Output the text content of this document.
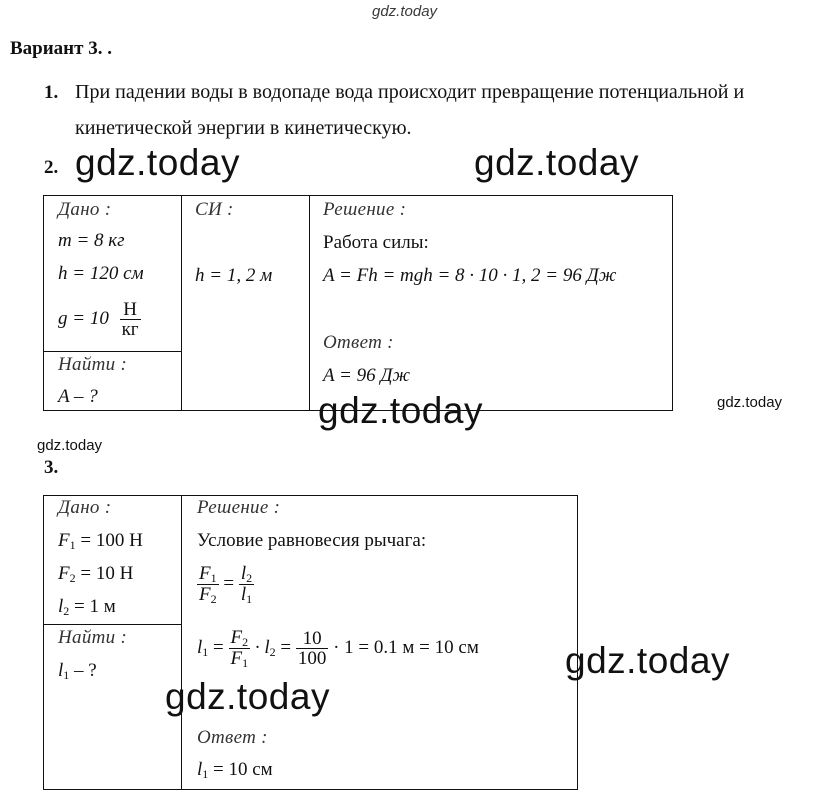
gdz.today
gdz.today	gdz.today
gdz.today	gdz.today
gdz.today
gdz.today
gdz.today
Вариант 3. .
1. При падении воды в водопаде вода происходит превращение потенциальной и
кинетической энергии в кинетическую.
2.
Дано :
m = 8 кг
h = 120 см
$g = 10 \frac{Н}{кг}$
Найти :
A – ?
СИ :
h = 1, 2 м
Решение :
Работа силы:
A = Fh = mgh = 8 · 10 · 1, 2 = 96 Дж
Ответ :
A = 96 Дж
3.
Дано :
$F_1 = 100$ Н
$F_2 = 10$ Н
$l_2 = 1$ м
Найти :
$l_1$ – ?
Решение :
Условие равновесия рычага:
$\frac{F_1}{F_2} = \frac{l_2}{l_1}$
$l_1 = \frac{F_2}{F_1} \cdot l_2 = \frac{10}{100} \cdot 1 = 0.1$ м = 10 см
Ответ :
$l_1 = 10$ см
